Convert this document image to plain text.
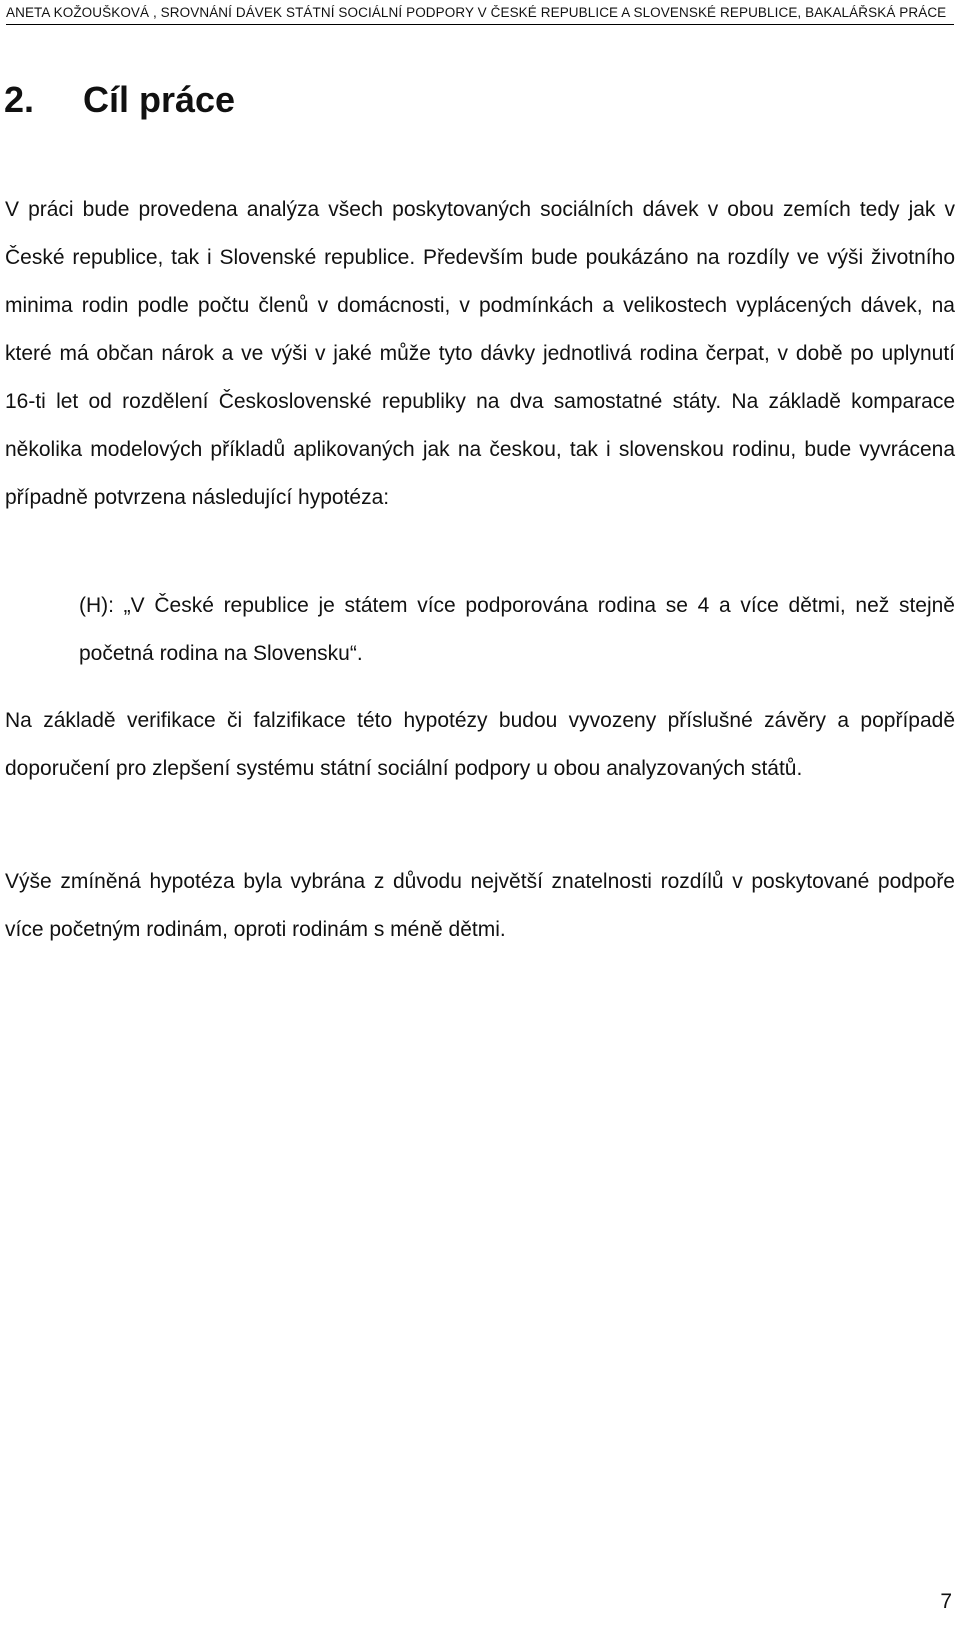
ANETA KOŽOUŠKOVÁ , SROVNÁNÍ DÁVEK STÁTNÍ SOCIÁLNÍ PODPORY V ČESKÉ REPUBLICE A SLOVENSKÉ REPUBLICE, BAKALÁŘSKÁ PRÁCE
2. Cíl práce

V práci bude provedena analýza všech poskytovaných sociálních dávek v obou zemích tedy jak v České republice, tak i Slovenské republice. Především bude poukázáno na rozdíly ve výši životního minima rodin podle počtu členů v domácnosti, v podmínkách a velikostech vyplácených dávek, na které má občan nárok a ve výši v jaké může tyto dávky jednotlivá rodina čerpat, v době po uplynutí 16-ti let od rozdělení Československé republiky na dva samostatné státy. Na základě komparace několika modelových příkladů aplikovaných jak na českou, tak i slovenskou rodinu, bude vyvrácena případně potvrzena následující hypotéza:

(H): „V České republice je státem více podporována rodina se 4 a více dětmi, než stejně početná rodina na Slovensku“.

Na základě verifikace či falzifikace této hypotézy budou vyvozeny příslušné závěry a popřípadě doporučení pro zlepšení systému státní sociální podpory u obou analyzovaných států.

Výše zmíněná hypotéza byla vybrána z důvodu největší znatelnosti rozdílů v poskytované podpoře více početným rodinám, oproti rodinám s méně dětmi.

7
